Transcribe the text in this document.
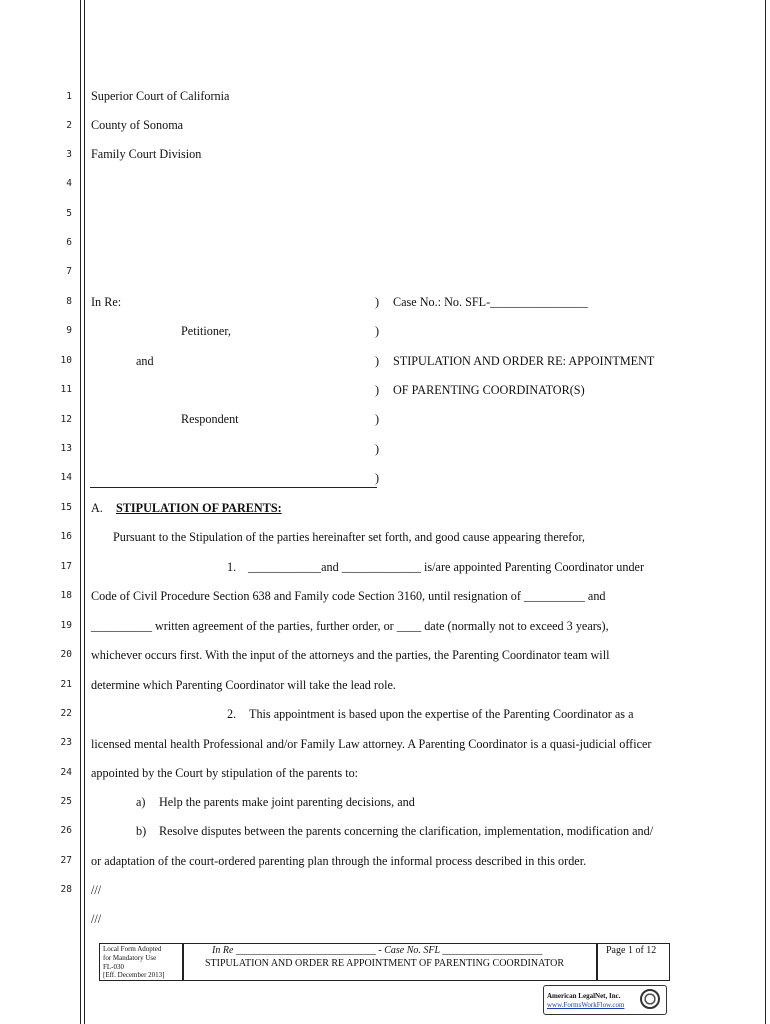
1
2
3
4
5
6
7
8
9
10
11
12
13
14
15
16
17
18
19
20
21
22
23
24
25
26
27
28
Superior Court of California
County of Sonoma
Family Court Division
In Re:
Petitioner,
and
Respondent
)
)
)
)
)
)
)
Case No.: No. SFL-________________
STIPULATION AND ORDER RE: APPOINTMENT
OF PARENTING COORDINATOR(S)
A. STIPULATION OF PARENTS:
Pursuant to the Stipulation of the parties hereinafter set forth, and good cause appearing therefor,
1. ____________and _____________ is/are appointed Parenting Coordinator under
Code of Civil Procedure Section 638 and Family code Section 3160, until resignation of __________ and
__________ written agreement of the parties, further order, or ____ date (normally not to exceed 3 years),
whichever occurs first. With the input of the attorneys and the parties, the Parenting Coordinator team will
determine which Parenting Coordinator will take the lead role.
2. This appointment is based upon the expertise of the Parenting Coordinator as a
licensed mental health Professional and/or Family Law attorney. A Parenting Coordinator is a quasi-judicial officer
appointed by the Court by stipulation of the parents to:
a) Help the parents make joint parenting decisions, and
b) Resolve disputes between the parents concerning the clarification, implementation, modification and/
or adaptation of the court-ordered parenting plan through the informal process described in this order.
///
///
Local Form Adopted
for Mandatory Use
FL-030
[Eff. December 2013]
In Re ____________________________ - Case No. SFL ____________________
STIPULATION AND ORDER RE APPOINTMENT OF PARENTING COORDINATOR
Page 1 of 12
American LegalNet, Inc.
www.FormsWorkFlow.com
